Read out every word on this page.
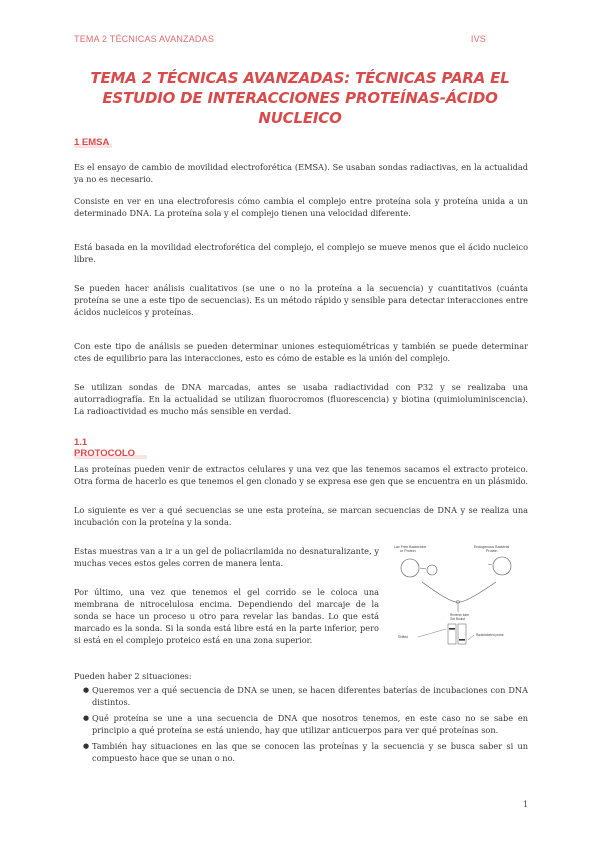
TEMA 2 TÉCNICAS AVANZADAS	IVS
TEMA 2 TÉCNICAS AVANZADAS: TÉCNICAS PARA EL ESTUDIO DE INTERACCIONES PROTEÍNAS-ÁCIDO NUCLEICO
1 EMSA

Es el ensayo de cambio de movilidad electroforética (EMSA). Se usaban sondas radiactivas, en la actualidad ya no es necesario.

Consiste en ver en una electroforesis cómo cambia el complejo entre proteína sola y proteína unida a un determinado DNA. La proteína sola y el complejo tienen una velocidad diferente.

Está basada en la movilidad electroforética del complejo, el complejo se mueve menos que el ácido nucleico libre.

Se pueden hacer análisis cualitativos (se une o no la proteína a la secuencia) y cuantitativos (cuánta proteína se une a este tipo de secuencias). Es un método rápido y sensible para detectar interacciones entre ácidos nucleicos y proteínas.

Con este tipo de análisis se pueden determinar uniones estequiométricas y también se puede determinar ctes de equilibrio para las interacciones, esto es cómo de estable es la unión del complejo.

Se utilizan sondas de DNA marcadas, antes se usaba radiactividad con P32 y se realizaba una autorradiografía. En la actualidad se utilizan fluorocromos (fluorescencia) y biotina (quimioluminiscencia). La radioactividad es mucho más sensible en verdad.

1.1 PROTOCOLO

Las proteínas pueden venir de extractos celulares y una vez que las tenemos sacamos el extracto proteico. Otra forma de hacerlo es que tenemos el gen clonado y se expresa ese gen que se encuentra en un plásmido.

Lo siguiente es ver a qué secuencias se une esta proteína, se marcan secuencias de DNA y se realiza una incubación con la proteína y la sonda.

Estas muestras van a ir a un gel de poliacrilamida no desnaturalizante, y muchas veces estos geles corren de manera lenta.

Por último, una vez que tenemos el gel corrido se le coloca una membrana de nitrocelulosa encima. Dependiendo del marcaje de la sonda se hace un proceso u otro para revelar las bandas. Lo que está marcado es la sonda. Si la sonda está libre está en la parte inferior, pero si está en el complejo proteico está en una zona superior.

Pueden haber 2 situaciones:

● Queremos ver a qué secuencia de DNA se unen, se hacen diferentes baterías de incubaciones con DNA distintos.
● Qué proteína se une a una secuencia de DNA que nosotros tenemos, en este caso no se sabe en principio a qué proteína se está uniendo, hay que utilizar anticuerpos para ver qué proteínas son.
● También hay situaciones en las que se conocen las proteínas y la secuencia y se busca saber si un compuesto hace que se unan o no.
Lac Free Bacteriobe
or Protein
Endogenous Bacterial
Protein
Reverse tube
Gel Bound
Shifted	Radiolabeled probe
1
